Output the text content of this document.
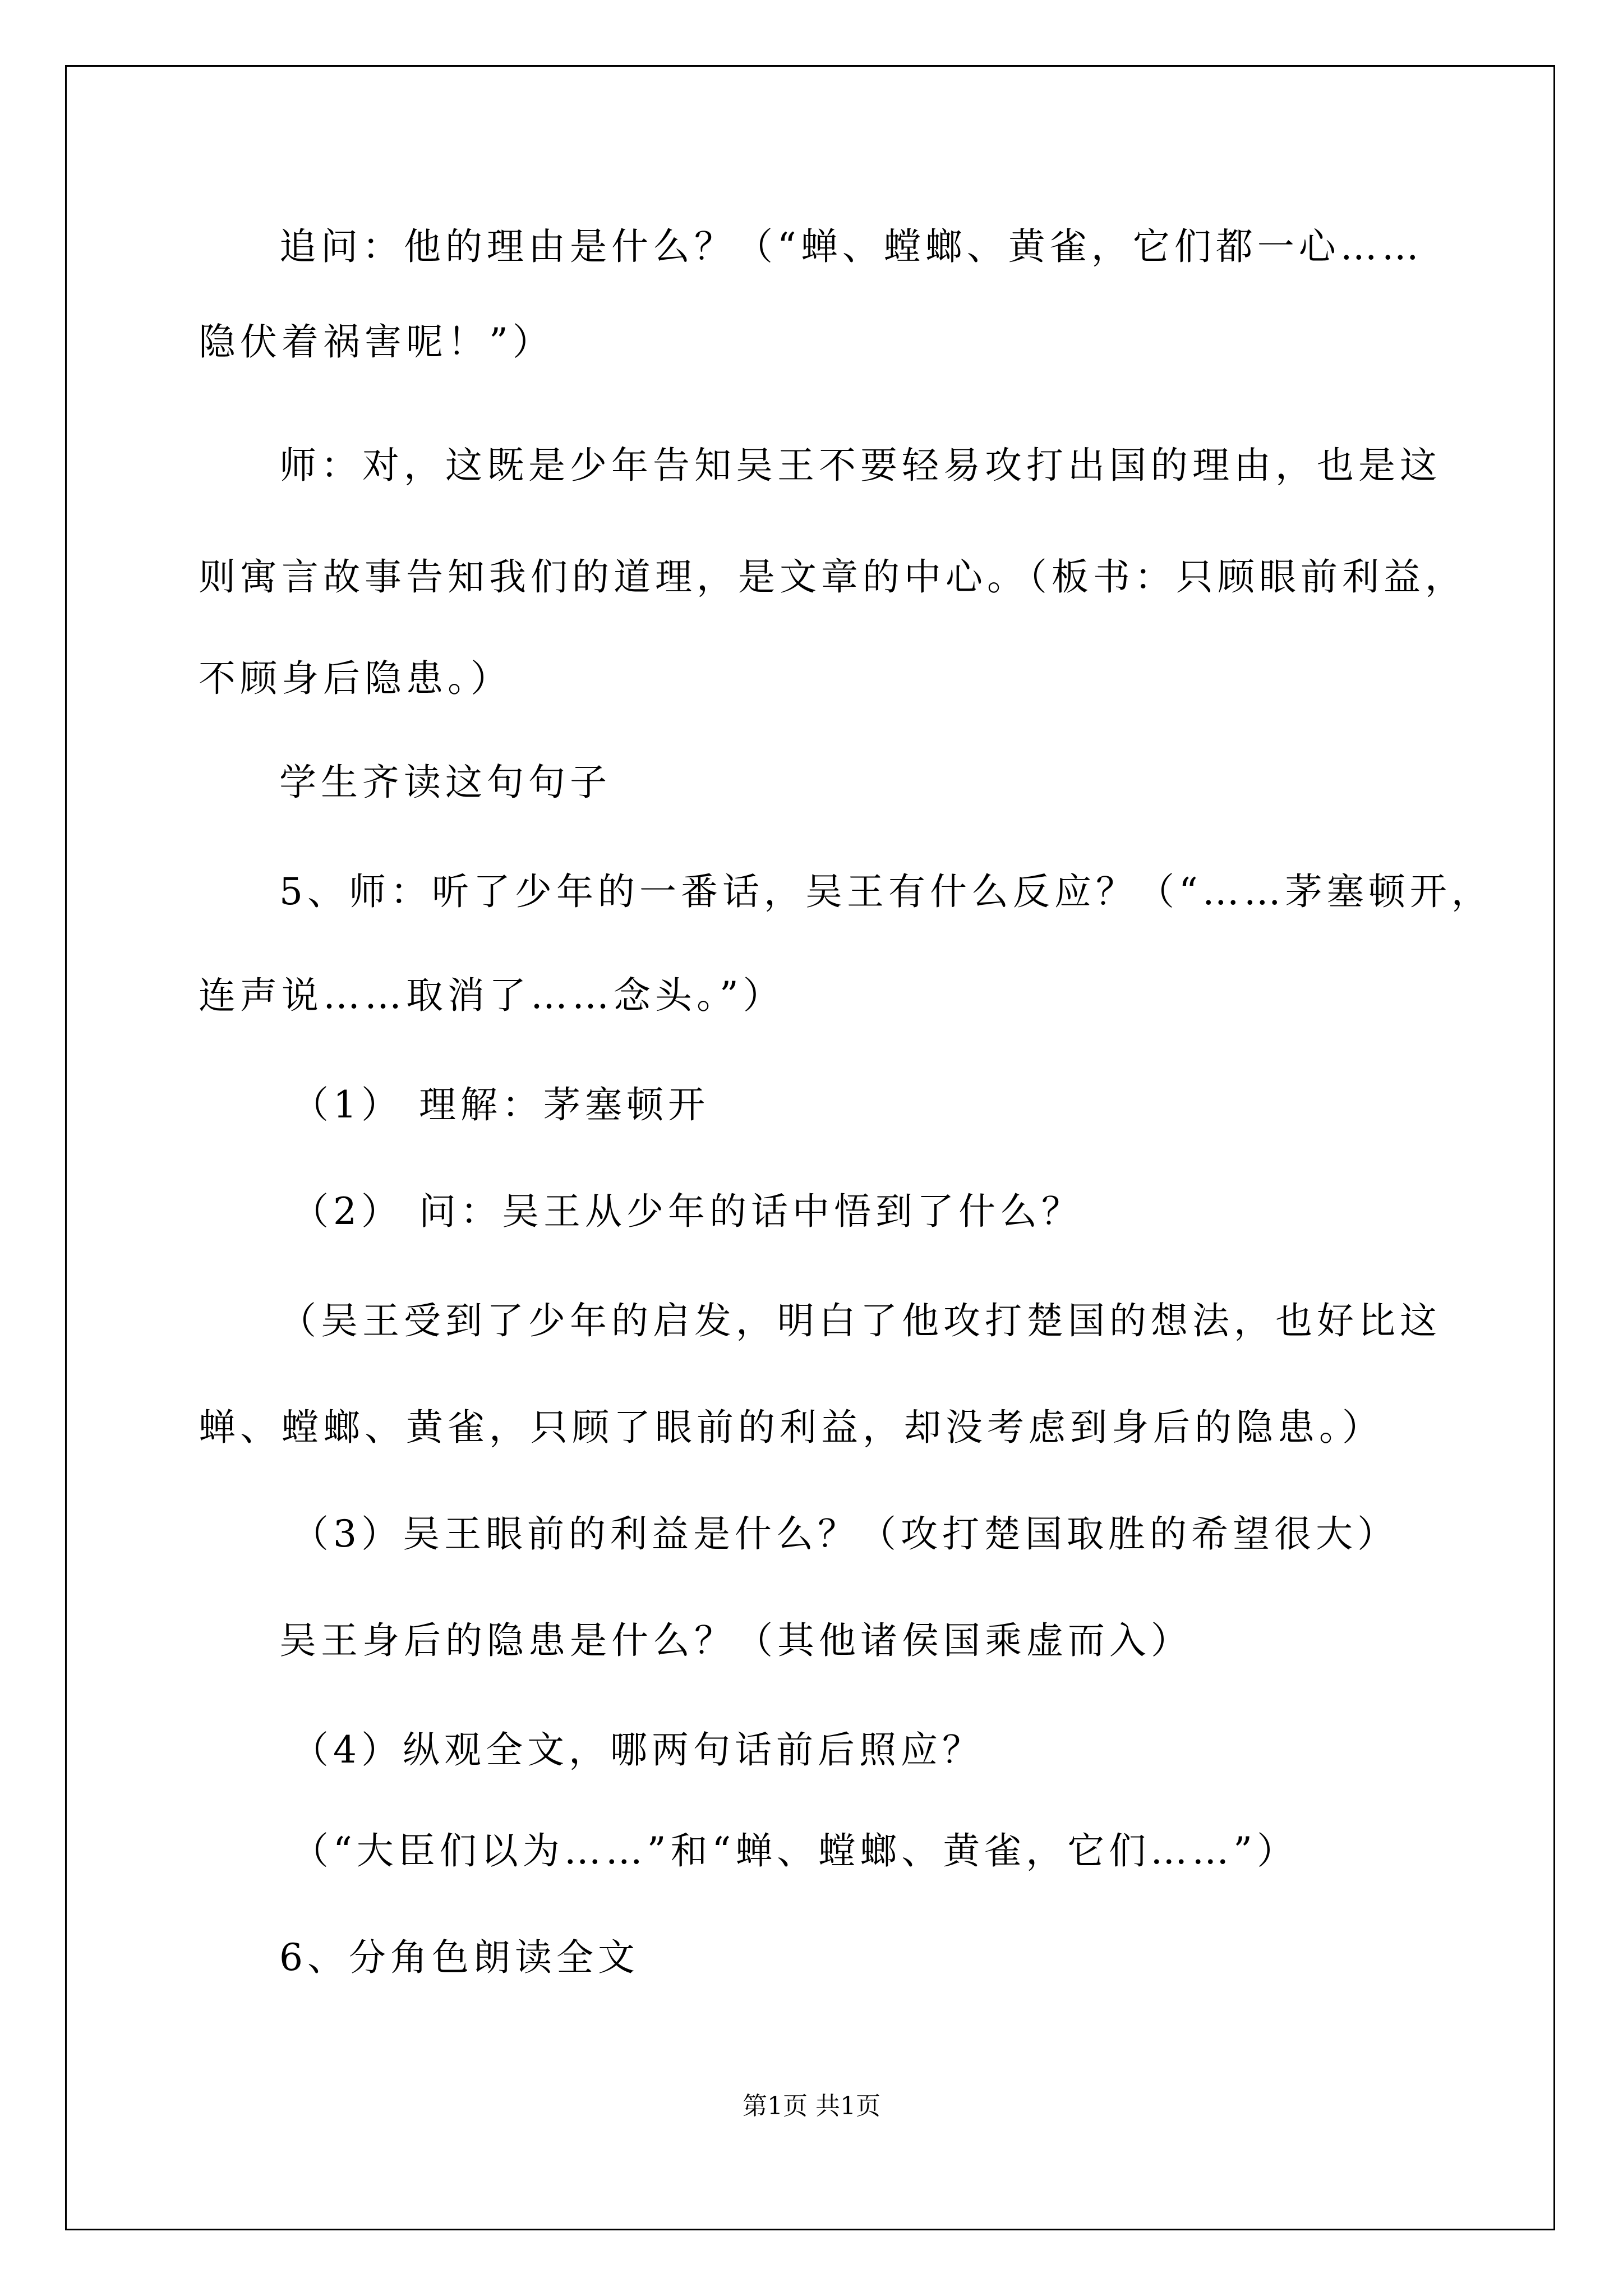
追问：他的理由是什么？（“蝉、螳螂、黄雀，它们都一心……
隐伏着祸害呢！”）
师：对，这既是少年告知吴王不要轻易攻打出国的理由，也是这
则寓言故事告知我们的道理，是文章的中心。（板书：只顾眼前利益，
不顾身后隐患。）
学生齐读这句句子
5、师：听了少年的一番话，吴王有什么反应？（“……茅塞顿开，
连声说……取消了……念头。”）
（1） 理解：茅塞顿开
（2） 问：吴王从少年的话中悟到了什么？
（吴王受到了少年的启发，明白了他攻打楚国的想法，也好比这
蝉、螳螂、黄雀，只顾了眼前的利益，却没考虑到身后的隐患。）
（3）吴王眼前的利益是什么？（攻打楚国取胜的希望很大）
吴王身后的隐患是什么？（其他诸侯国乘虚而入）
（4）纵观全文，哪两句话前后照应？
（“大臣们以为……”和“蝉、螳螂、黄雀，它们……”）
6、分角色朗读全文
第1页 共1页
